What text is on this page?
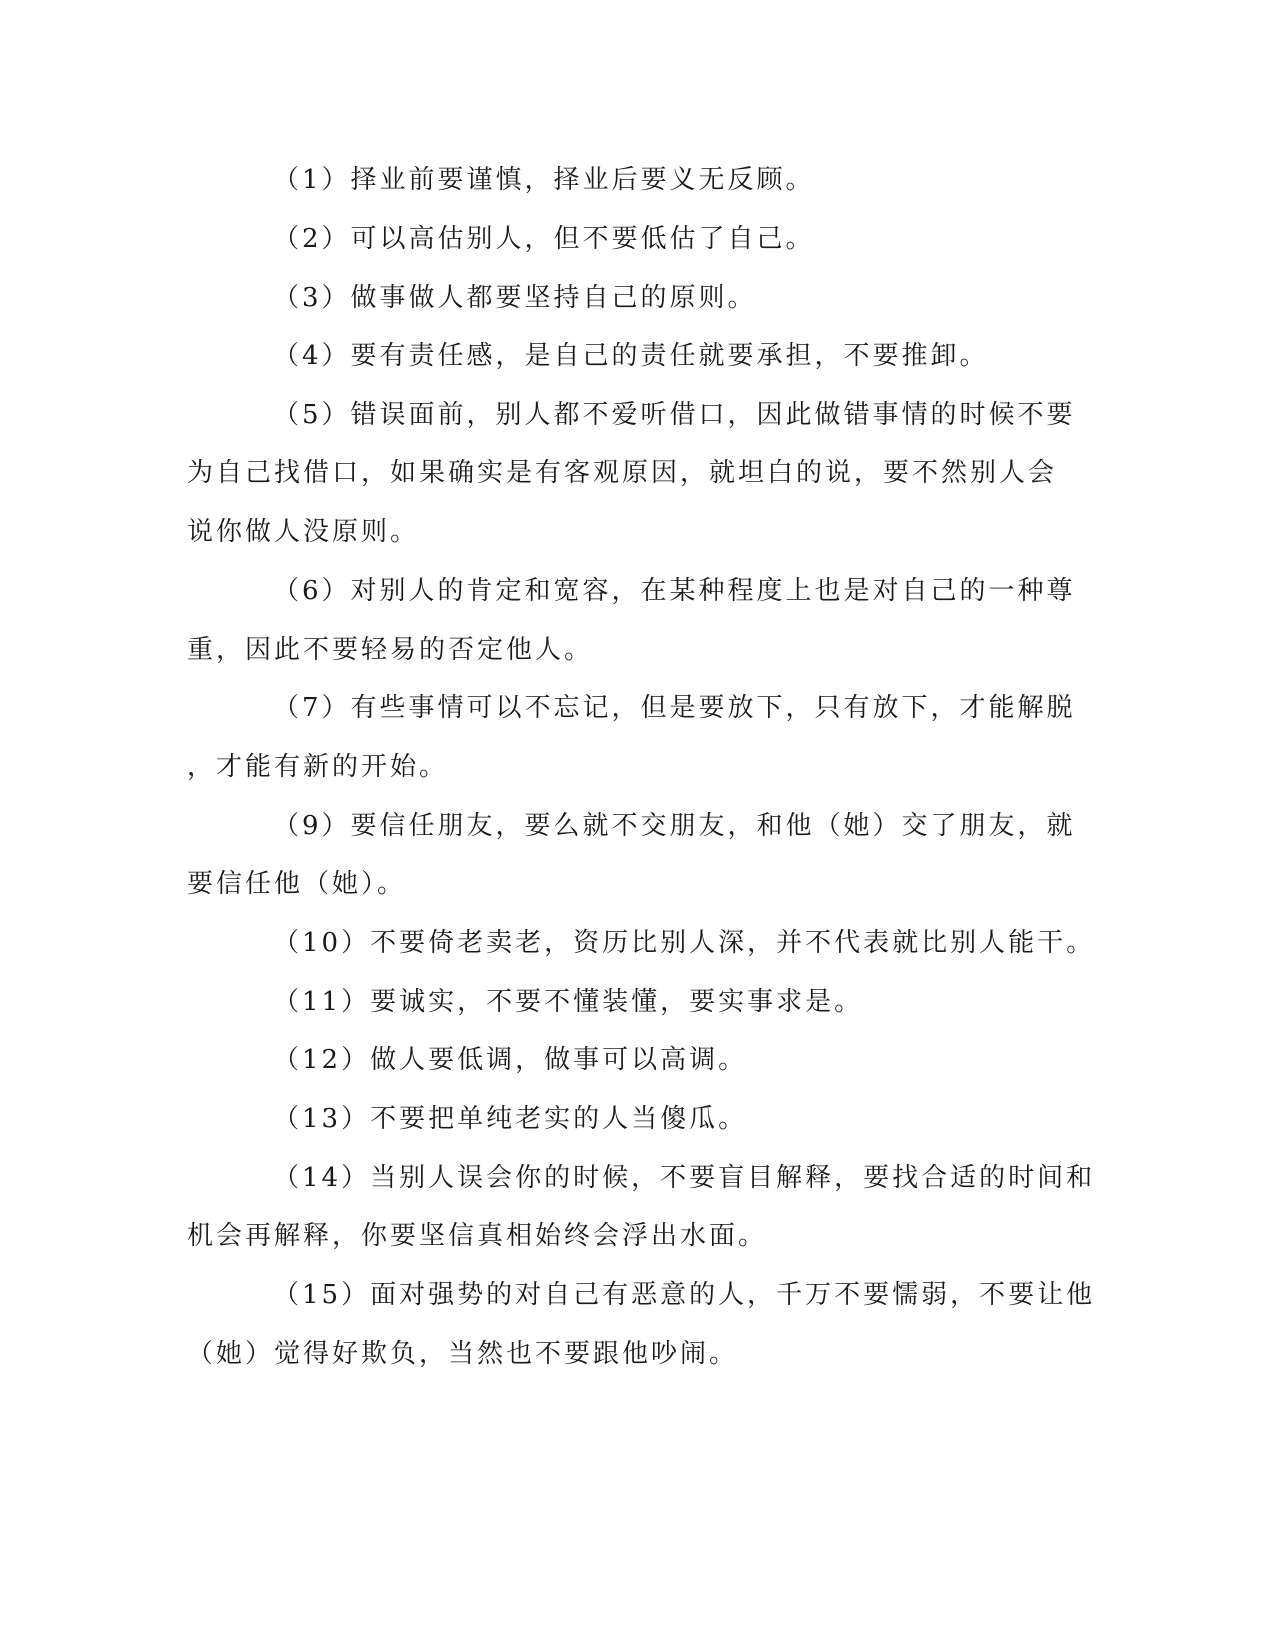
（1）择业前要谨慎，择业后要义无反顾。
（2）可以高估别人，但不要低估了自己。
（3）做事做人都要坚持自己的原则。
（4）要有责任感，是自己的责任就要承担，不要推卸。
（5）错误面前，别人都不爱听借口，因此做错事情的时候不要
为自己找借口，如果确实是有客观原因，就坦白的说，要不然别人会
说你做人没原则。
（6）对别人的肯定和宽容，在某种程度上也是对自己的一种尊
重，因此不要轻易的否定他人。
（7）有些事情可以不忘记，但是要放下，只有放下，才能解脱
，才能有新的开始。
（9）要信任朋友，要么就不交朋友，和他（她）交了朋友，就
要信任他（她）。
（10）不要倚老卖老，资历比别人深，并不代表就比别人能干。
（11）要诚实，不要不懂装懂，要实事求是。
（12）做人要低调，做事可以高调。
（13）不要把单纯老实的人当傻瓜。
（14）当别人误会你的时候，不要盲目解释，要找合适的时间和
机会再解释，你要坚信真相始终会浮出水面。
（15）面对强势的对自己有恶意的人，千万不要懦弱，不要让他
（她）觉得好欺负，当然也不要跟他吵闹。
